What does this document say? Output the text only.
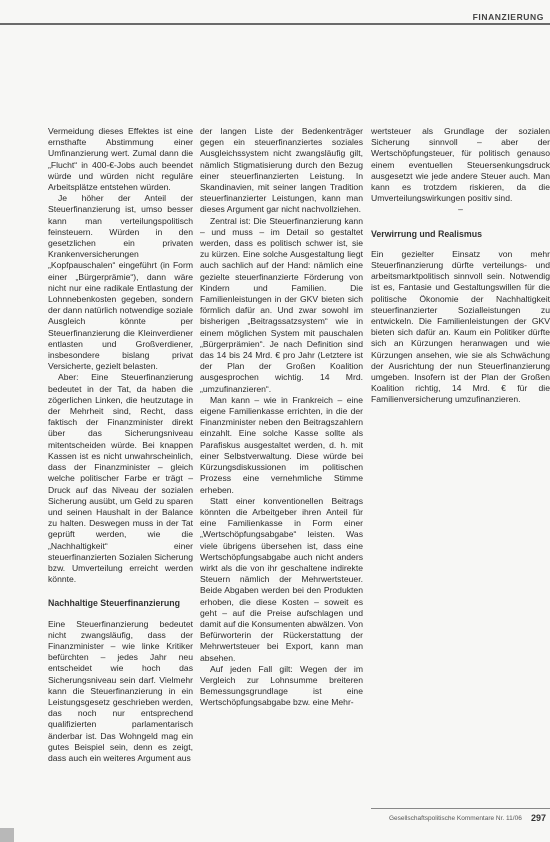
FINANZIERUNG

Vermeidung dieses Effektes ist eine ernsthafte Abstimmung einer Umfinanzierung wert. Zumal dann die „Flucht“ in 400-€-Jobs auch beendet würde und würden nicht reguläre Arbeitsplätze entstehen würden.

Je höher der Anteil der Steuerfinanzierung ist, umso besser kann man verteilungspolitisch feinsteuern. Würden in den gesetzlichen ein privaten Krankenversicherungen „Kopfpauschalen“ eingeführt (in Form einer „Bürgerprämie“), dann wäre nicht nur eine radikale Entlastung der Lohnnebenkosten gegeben, sondern der dann natürlich notwendige soziale Ausgleich könnte per Steuerfinanzierung die Kleinverdiener entlasten und Großverdiener, insbesondere bislang privat Versicherte, gezielt belasten.

Aber: Eine Steuerfinanzierung bedeutet in der Tat, da haben die zögerlichen Linken, die heutzutage in der Mehrheit sind, Recht, dass faktisch der Finanzminister direkt über das Sicherungsniveau mitentscheiden würde. Bei knappen Kassen ist es nicht unwahrscheinlich, dass der Finanzminister – gleich welche politischer Farbe er trägt – Druck auf das Niveau der sozialen Sicherung ausübt, um Geld zu sparen und seinen Haushalt in der Balance zu halten. Deswegen muss in der Tat geprüft werden, wie die „Nachhaltigkeit“ einer steuerfinanzierten Sozialen Sicherung bzw. Umverteilung erreicht werden könnte.

Nachhaltige Steuerfinanzierung

Eine Steuerfinanzierung bedeutet nicht zwangsläufig, dass der Finanzminister – wie linke Kritiker befürchten – jedes Jahr neu entscheidet wie hoch das Sicherungsniveau sein darf. Vielmehr kann die Steuerfinanzierung in ein Leistungsgesetz geschrieben werden, das noch nur entsprechend qualifizierten parlamentarisch änderbar ist. Das Wohngeld mag ein gutes Beispiel sein, denn es zeigt, dass auch ein weiteres Argument aus

der langen Liste der Bedenkenträger gegen ein steuerfinanziertes soziales Ausgleichssystem nicht zwangsläufig gilt, nämlich Stigmatisierung durch den Bezug einer steuerfinanzierten Leistung. In Skandinavien, mit seiner langen Tradition steuerfinanzierter Leistungen, kann man dieses Argument gar nicht nachvollziehen.

Zentral ist: Die Steuerfinanzierung kann – und muss – im Detail so gestaltet werden, dass es politisch schwer ist, sie zu kürzen. Eine solche Ausgestaltung liegt auch sachlich auf der Hand: nämlich eine gezielte steuerfinanzierte Förderung von Kindern und Familien. Die Familienleistungen in der GKV bieten sich förmlich dafür an. Und zwar sowohl im bisherigen „Beitragssatzsystem“ wie in einem möglichen System mit pauschalen „Bürgerprämien“. Je nach Definition sind das 14 bis 24 Mrd. € pro Jahr (Letztere ist der Plan der Großen Koalition ausgesprochen wichtig. 14 Mrd. „umzufinanzieren“.

Man kann – wie in Frankreich – eine eigene Familienkasse errichten, in die der Finanzminister neben den Beitragszahlern einzahlt. Eine solche Kasse sollte als Parafiskus ausgestaltet werden, d. h. mit einer Selbstverwaltung. Diese würde bei Kürzungsdiskussionen im politischen Prozess eine vernehmliche Stimme erheben.

Statt einer konventionellen Beitrags könnten die Arbeitgeber ihren Anteil für eine Familienkasse in Form einer „Wertschöpfungsabgabe“ leisten. Was viele übrigens übersehen ist, dass eine Wertschöpfungsabgabe auch nicht anders wirkt als die von ihr geschaltene indirekte Steuern nämlich der Mehrwertsteuer. Beide Abgaben werden bei den Produkten erhoben, die diese Kosten – soweit es geht – auf die Preise aufschlagen und damit auf die Konsumenten abwälzen. Von Befürworterin der Rückerstattung der Mehrwertsteuer bei Export, kann man absehen.

Auf jeden Fall gilt: Wegen der im Vergleich zur Lohnsumme breiteren Bemessungsgrundlage ist eine Wertschöpfungsabgabe bzw. eine Mehr-

wertsteuer als Grundlage der sozialen Sicherung sinnvoll – aber der Wertschöpfungsteuer, für politisch genauso einem eventuellen Steuersenkungsdruck ausgesetzt wie jede andere Steuer auch. Man kann es trotzdem riskieren, da die Umverteilungswirkungen positiv sind.

–

Verwirrung und Realismus

Ein gezielter Einsatz von mehr Steuerfinanzierung dürfte verteilungs- und arbeitsmarktpolitisch sinnvoll sein. Notwendig ist es, Fantasie und Gestaltungswillen für die politische Ökonomie der Nachhaltigkeit steuerfinanzierter Sozialleistungen zu entwickeln. Die Familienleistungen der GKV bieten sich dafür an. Kaum ein Politiker dürfte sich an Kürzungen heranwagen und wie Kürzungen ansehen, wie sie als Schwächung der Ausrichtung der nun Steuerfinanzierung umgeben. Insofern ist der Plan der Großen Koalition richtig, 14 Mrd. € für die Familienversicherung umzufinanzieren.

Gesellschaftspolitische Kommentare Nr. 11/06 297
